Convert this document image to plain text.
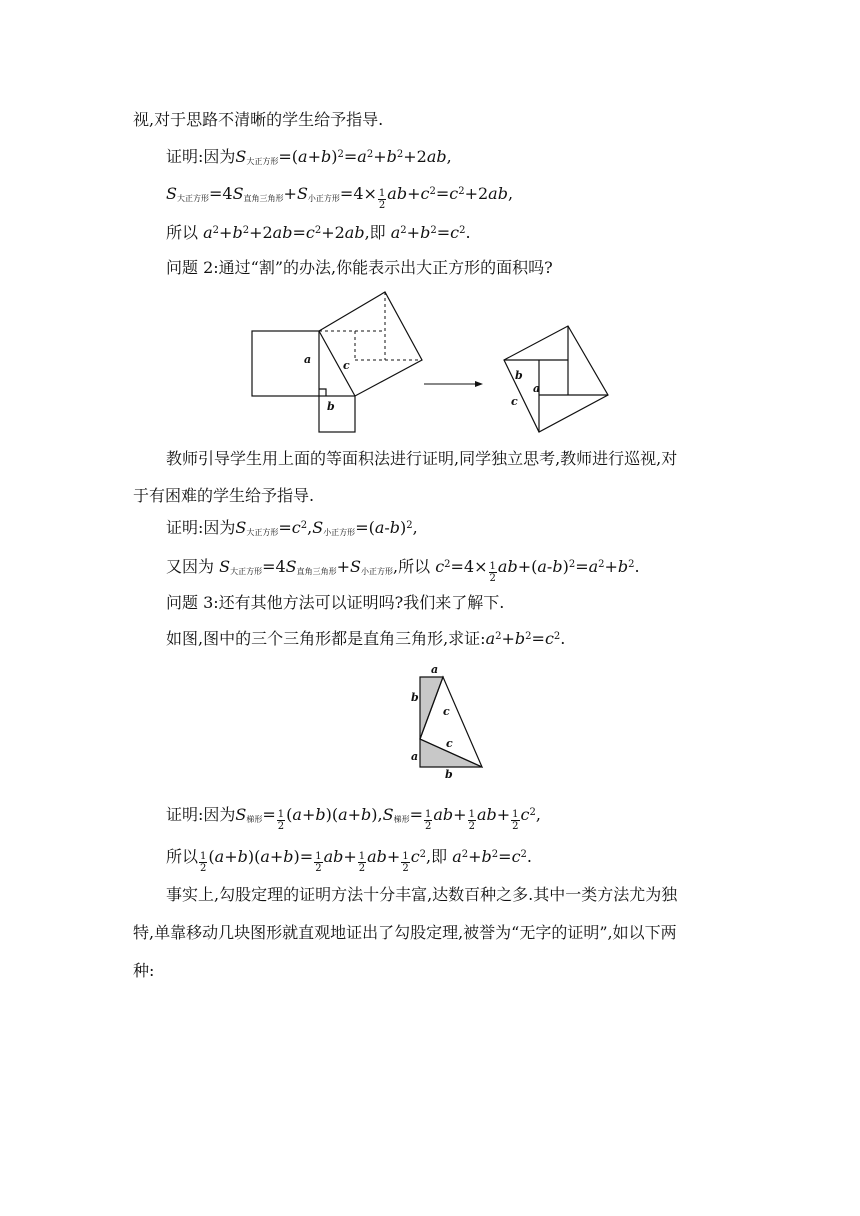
视,对于思路不清晰的学生给予指导.
证明:因为$S_{大正方形}=(a+b)^2=a^2+b^2+2ab$,
$S_{大正方形}=4S_{直角三角形}+S_{小正方形}=4\times \frac{1}{2} ab+c^2=c^2+2ab$,
所以 $a^2+b^2+2ab=c^2+2ab$,即 $a^2+b^2=c^2$.
问题 2:通过“割”的办法,你能表示出大正方形的面积吗?
a	c
b
b
a
c
教师引导学生用上面的等面积法进行证明,同学独立思考,教师进行巡视,对
于有困难的学生给予指导.
证明:因为$S_{大正方形}=c^2,S_{小正方形}=(a-b)^2$,
又因为 $S_{大正方形}=4S_{直角三角形}+S_{小正方形}$,所以 $c^2=4\times \frac{1}{2} ab+(a-b)^2=a^2+b^2$.
问题 3:还有其他方法可以证明吗?我们来了解下.
如图,图中的三个三角形都是直角三角形,求证$:a^2+b^2=c^2$.
a
b
c
c
a
b
证明:因为$S_{梯形}= \frac{1}{2} (a+b)(a+b),S_{梯形}= \frac{1}{2} ab+ \frac{1}{2} ab+ \frac{1}{2} c^2$,
所以 $\frac{1}{2} (a+b)(a+b)= \frac{1}{2} ab+ \frac{1}{2} ab+ \frac{1}{2} c^2$,即 $a^2+b^2=c^2$.
事实上,勾股定理的证明方法十分丰富,达数百种之多.其中一类方法尤为独
特,单靠移动几块图形就直观地证出了勾股定理,被誉为“无字的证明”,如以下两
种:
